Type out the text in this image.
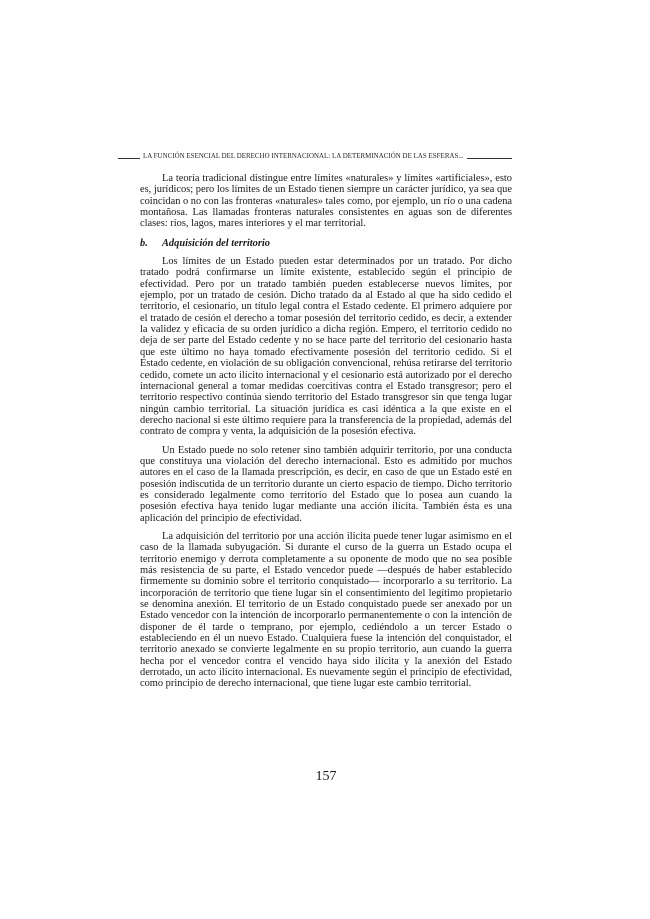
LA FUNCIÓN ESENCIAL DEL DERECHO INTERNACIONAL: LA DETERMINACIÓN DE LAS ESFERAS...

La teoría tradicional distingue entre límites «naturales» y límites «artificiales», esto es, jurídicos; pero los límites de un Estado tienen siempre un carácter jurídico, ya sea que coincidan o no con las fronteras «naturales» tales como, por ejemplo, un río o una cadena montañosa. Las llamadas fronteras naturales consistentes en aguas son de diferentes clases: ríos, lagos, mares interiores y el mar territorial.

b.	Adquisición del territorio

Los límites de un Estado pueden estar determinados por un tratado. Por dicho tratado podrá confirmarse un límite existente, establecido según el principio de efectividad. Pero por un tratado también pueden establecerse nuevos límites, por ejemplo, por un tratado de cesión. Dicho tratado da al Estado al que ha sido cedido el territorio, el cesionario, un título legal contra el Estado cedente. El primero adquiere por el tratado de cesión el derecho a tomar posesión del territorio cedido, es decir, a extender la validez y eficacia de su orden jurídico a dicha región. Empero, el territorio cedido no deja de ser parte del Estado cedente y no se hace parte del territorio del cesionario hasta que este último no haya tomado efectivamente posesión del territorio cedido. Si el Estado cedente, en violación de su obligación convencional, rehúsa retirarse del territorio cedido, comete un acto ilícito internacional y el cesionario está autorizado por el derecho internacional general a tomar medidas coercitivas contra el Estado transgresor; pero el territorio respectivo continúa siendo territorio del Estado transgresor sin que tenga lugar ningún cambio territorial. La situación jurídica es casi idéntica a la que existe en el derecho nacional si este último requiere para la transferencia de la propiedad, además del contrato de compra y venta, la adquisición de la posesión efectiva.

Un Estado puede no solo retener sino también adquirir territorio, por una conducta que constituya una violación del derecho internacional. Esto es admitido por muchos autores en el caso de la llamada prescripción, es decir, en caso de que un Estado esté en posesión indiscutida de un territorio durante un cierto espacio de tiempo. Dicho territorio es considerado legalmente como territorio del Estado que lo posea aun cuando la posesión efectiva haya tenido lugar mediante una acción ilícita. También ésta es una aplicación del principio de efectividad.

La adquisición del territorio por una acción ilícita puede tener lugar asimismo en el caso de la llamada subyugación. Si durante el curso de la guerra un Estado ocupa el territorio enemigo y derrota completamente a su oponente de modo que no sea posible más resistencia de su parte, el Estado vencedor puede —después de haber establecido firmemente su dominio sobre el territorio conquistado— incorporarlo a su territorio. La incorporación de territorio que tiene lugar sin el consentimiento del legítimo propietario se denomina anexión. El territorio de un Estado conquistado puede ser anexado por un Estado vencedor con la intención de incorporarlo permanentemente o con la intención de disponer de él tarde o temprano, por ejemplo, cediéndolo a un tercer Estado o estableciendo en él un nuevo Estado. Cualquiera fuese la intención del conquistador, el territorio anexado se convierte legalmente en su propio territorio, aun cuando la guerra hecha por el vencedor contra el vencido haya sido ilícita y la anexión del Estado derrotado, un acto ilícito internacional. Es nuevamente según el principio de efectividad, como principio de derecho internacional, que tiene lugar este cambio territorial.

157
